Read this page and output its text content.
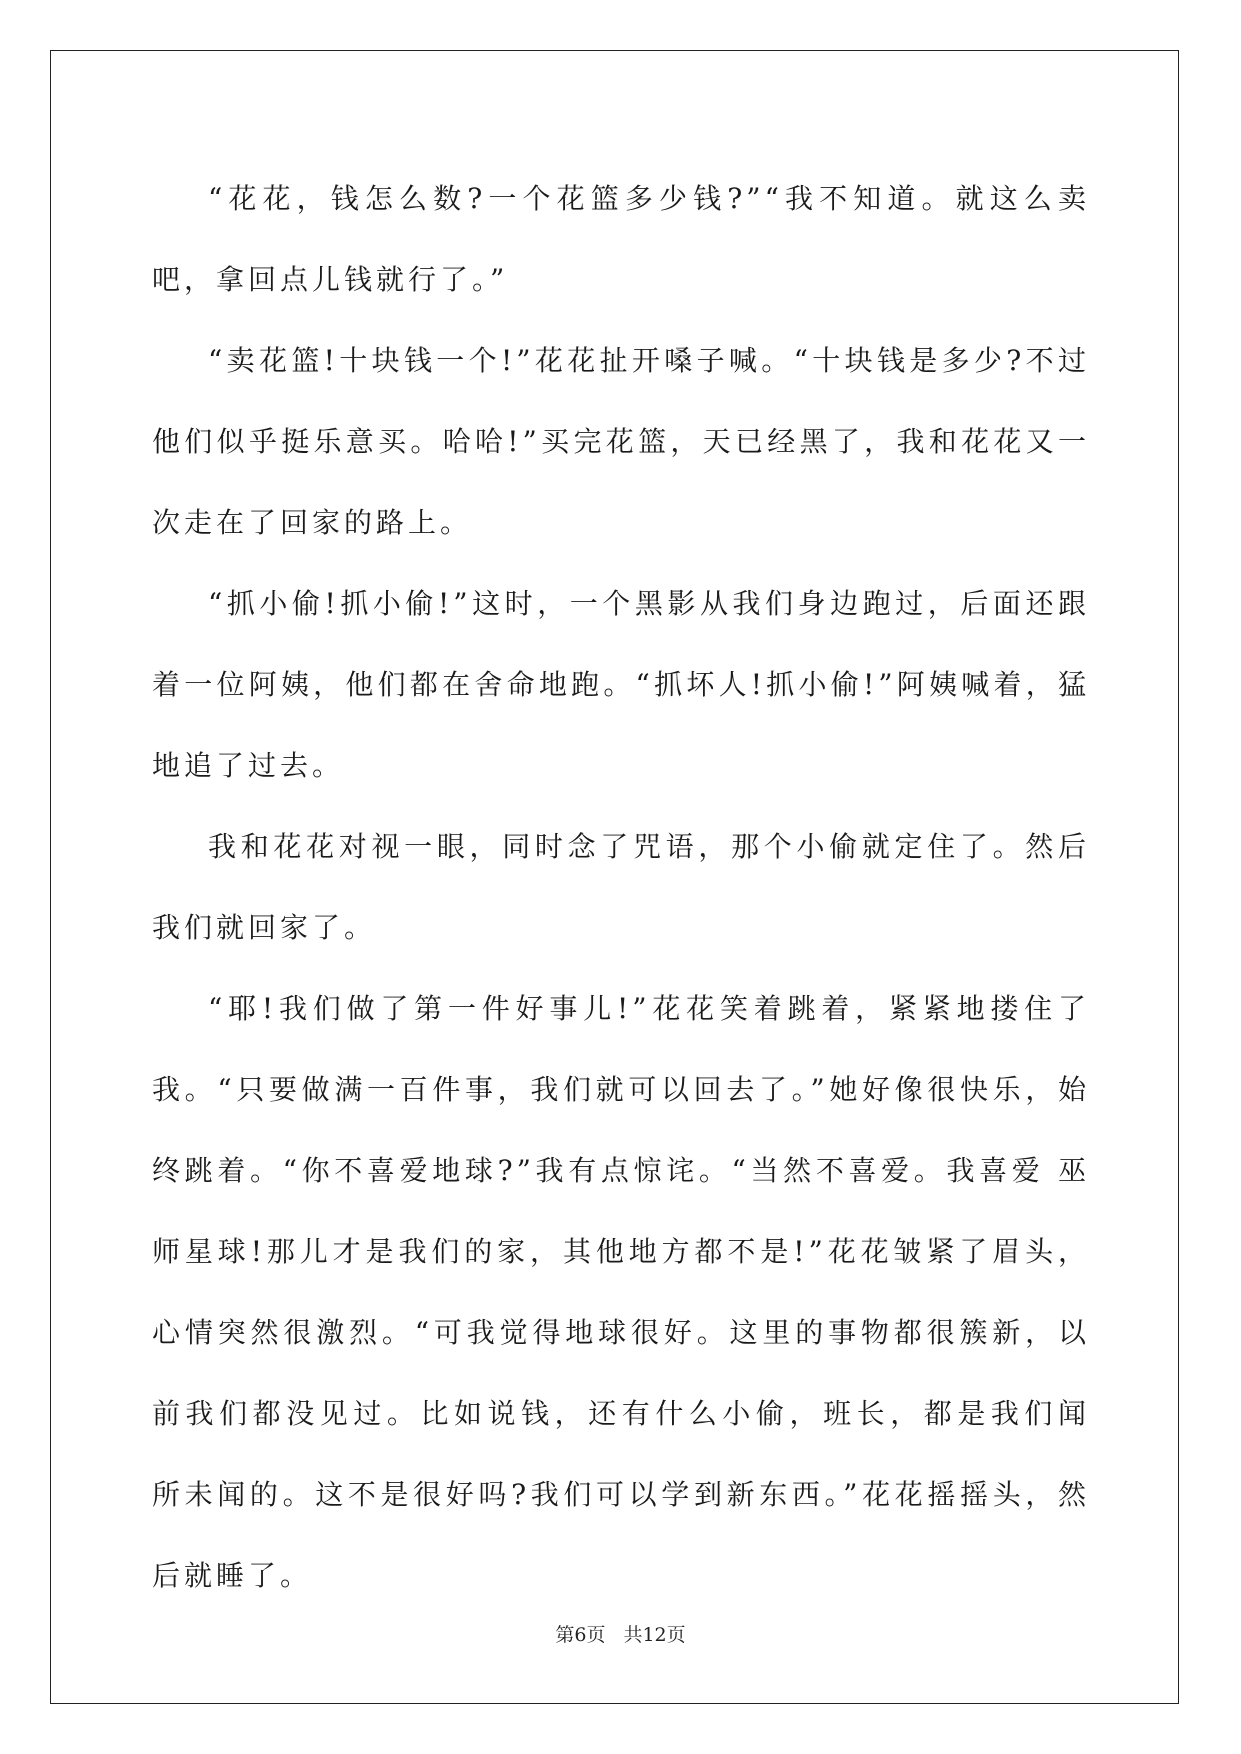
“花花，钱怎么数?一个花篮多少钱?”“我不知道。就这么卖吧，拿回点儿钱就行了。”

“卖花篮!十块钱一个!”花花扯开嗓子喊。“十块钱是多少?不过他们似乎挺乐意买。哈哈!”买完花篮，天已经黑了，我和花花又一次走在了回家的路上。

“抓小偷!抓小偷!”这时，一个黑影从我们身边跑过，后面还跟着一位阿姨，他们都在舍命地跑。“抓坏人!抓小偷!”阿姨喊着，猛地追了过去。

我和花花对视一眼，同时念了咒语，那个小偷就定住了。然后我们就回家了。

“耶!我们做了第一件好事儿!”花花笑着跳着，紧紧地搂住了我。“只要做满一百件事，我们就可以回去了。”她好像很快乐，始终跳着。“你不喜爱地球?”我有点惊诧。“当然不喜爱。我喜爱 巫师星球!那儿才是我们的家，其他地方都不是!”花花皱紧了眉头，心情突然很激烈。“可我觉得地球很好。这里的事物都很簇新，以前我们都没见过。比如说钱，还有什么小偷，班长，都是我们闻 所未闻的。这不是很好吗?我们可以学到新东西。”花花摇摇头，然后就睡了。

第6页 共12页
